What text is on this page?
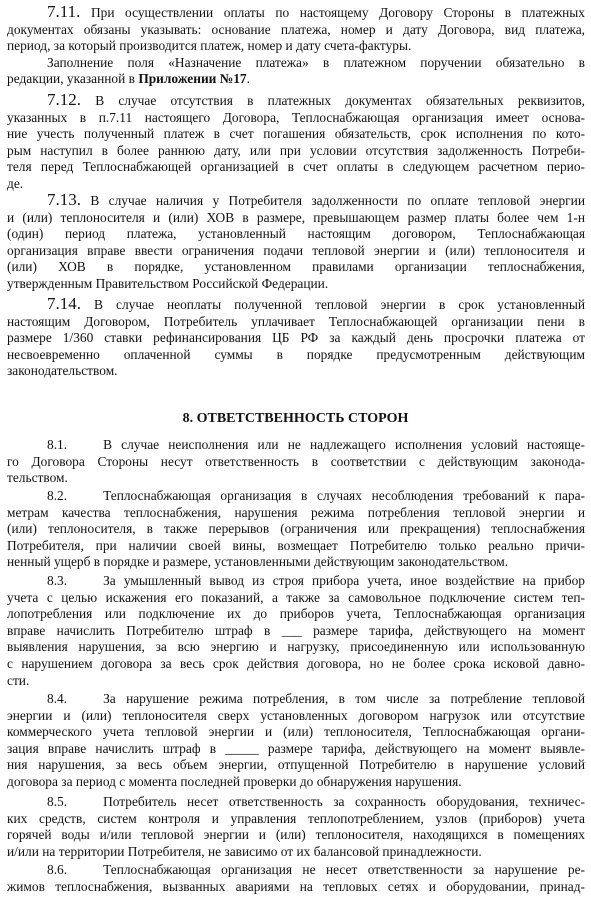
7.11. При осуществлении оплаты по настоящему Договору Стороны в платежных
документах обязаны указывать: основание платежа, номер и дату Договора, вид платежа,
период, за который производится платеж, номер и дату счета-фактуры.
Заполнение поля «Назначение платежа» в платежном поручении обязательно в
редакции, указанной в Приложении №17.
7.12. В случае отсутствия в платежных документах обязательных реквизитов,
указанных в п.7.11 настоящего Договора, Теплоснабжающая организация имеет основа-
ние учесть полученный платеж в счет погашения обязательств, срок исполнения по кото-
рым наступил в более раннюю дату, или при условии отсутствия задолженность Потреби-
теля перед Теплоснабжающей организацией в счет оплаты в следующем расчетном перио-
де.
7.13. В случае наличия у Потребителя задолженности по оплате тепловой энергии
и (или) теплоносителя и (или) ХОВ в размере, превышающем размер платы более чем 1-н
(один) период платежа, установленный настоящим договором, Теплоснабжающая
организация вправе ввести ограничения подачи тепловой энергии и (или) теплоносителя и
(или) ХОВ в порядке, установленном правилами организации теплоснабжения,
утвержденным Правительством Российской Федерации.
7.14. В случае неоплаты полученной тепловой энергии в срок установленный
настоящим Договором, Потребитель уплачивает Теплоснабжающей организации пени в
размере 1/360 ставки рефинансирования ЦБ РФ за каждый день просрочки платежа от
несвоевременно оплаченной суммы в порядке предусмотренным действующим
законодательством.
8. ОТВЕТСТВЕННОСТЬ СТОРОН
8.1.	В случае неисполнения или не надлежащего исполнения условий настояще-
го Договора Стороны несут ответственность в соответствии с действующим законода-
тельством.
8.2.	Теплоснабжающая организация в случаях несоблюдения требований к пара-
метрам качества теплоснабжения, нарушения режима потребления тепловой энергии и
(или) теплоносителя, в также перерывов (ограничения или прекращения) теплоснабжения
Потребителя, при наличии своей вины, возмещает Потребителю только реально причи-
ненный ущерб в порядке и размере, установленными действующим законодательством.
8.3.	За умышленный вывод из строя прибора учета, иное воздействие на прибор
учета с целью искажения его показаний, а также за самовольное подключение систем теп-
лопотребления или подключение их до приборов учета, Теплоснабжающая организация
вправе начислить Потребителю штраф в ___ размере тарифа, действующего на момент
выявления нарушения, за всю энергию и нагрузку, присоединенную или использованную
с нарушением договора за весь срок действия договора, но не более срока исковой давно-
сти.
8.4.	За нарушение режима потребления, в том числе за потребление тепловой
энергии и (или) теплоносителя сверх установленных договором нагрузок или отсутствие
коммерческого учета тепловой энергии и (или) теплоносителя, Теплоснабжающая органи-
зация вправе начислить штраф в _____ размере тарифа, действующего на момент выявле-
ния нарушения, за весь объем энергии, отпущенной Потребителю в нарушение условий
договора за период с момента последней проверки до обнаружения нарушения.
8.5.	Потребитель несет ответственность за сохранность оборудования, техничес-
ких средств, систем контроля и управления теплопотреблением, узлов (приборов) учета
горячей воды и/или тепловой энергии и (или) теплоносителя, находящихся в помещениях
и/или на территории Потребителя, не зависимо от их балансовой принадлежности.
8.6.	Теплоснабжающая организация не несет ответственности за нарушение ре-
жимов теплоснабжения, вызванных авариями на тепловых сетях и оборудовании, принад-
